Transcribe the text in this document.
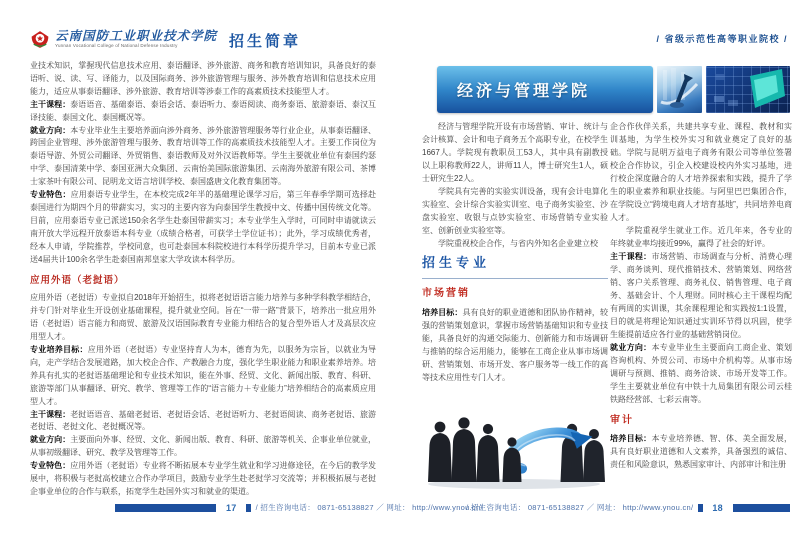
云南国防工业职业技术学院
Yunnan Vocational College of National Defense Industry	招生简章

业技术知识，掌握现代信息技术应用、泰语翻译、涉外旅游、商务和教育培训知识，具备良好的泰语听、说、读、写、译能力，以及国际商务、涉外旅游管理与服务、涉外教育培训和信息技术应用能力，适应从事泰语翻译、涉外旅游、教育培训等涉泰工作的高素质技术技能型人才。

主干课程：泰语语音、基础泰语、泰语会话、泰语听力、泰语阅读、商务泰语、旅游泰语、泰汉互译技能、泰国文化、泰国概况等。

就业方向：本专业毕业生主要培养面向涉外商务、涉外旅游管理服务等行业企业，从事泰语翻译、跨国企业管理、涉外旅游管理与服务、教育培训等工作的高素质技术技能型人才。主要工作岗位为泰语导游、外贸公司翻译、外贸销售、泰语教师及对外汉语教师等。学生主要就业单位有泰国约瑟中学、泰国清莱中学、泰国亚洲大众集团、云南怡美国际旅游集团、云南海外旅游有限公司、茶博士家茶叶有限公司、昆明龙文语言培训学校、泰国盛唐文化教育集团等。

专业特色：应用泰语专业学生，在本校完成2年半的基础理论课学习后，第三年春季学期可选择赴泰国进行为期四个月的带薪实习，实习的主要内容为向泰国学生教授中文、传播中国传统文化等。目前，应用泰语专业已派送150余名学生赴泰国带薪实习；本专业学生入学时，可同时申请就读云南开放大学远程开放泰语本科专业（成绩合格者，可获学士学位证书）；此外，学习成绩优秀者，经本人申请，学院推荐，学校同意，也可赴泰国本科院校进行本科学历提升学习，目前本专业已派送4届共计100余名学生赴泰国南邦皇家大学攻读本科学历。

应用外语（老挝语）

应用外语（老挝语）专业拟自2018年开始招生，拟将老挝语语言能力培养与多种学科教学相结合，并专门针对毕业生开设创业基础课程，提升就业空间。旨在“一带一路”背景下，培养出一批应用外语（老挝语）语言能力和商贸、旅游及汉语国际教育专业能力相结合的复合型外语人才及高层次应用型人才。

专业培养目标：应用外语（老挝语）专业坚持育人为本，德育为先，以服务为宗旨，以就业为导向，走产学结合发展道路，加大校企合作、产教融合力度，强化学生职业能力和职业素养培养。培养具有扎实的老挝语基础理论和专业技术知识，能在外事、经贸、文化、新闻出版、教育、科研、旅游等部门从事翻译、研究、教学、管理等工作的“语言能力＋专业能力”培养相结合的高素质应用型人才。

主干课程：老挝语语音、基础老挝语、老挝语会话、老挝语听力、老挝语阅读、商务老挝语、旅游老挝语、老挝文化、老挝概况等。

就业方向：主要面向外事、经贸、文化、新闻出版、教育、科研、旅游等机关、企事业单位就业，从事初级翻译、研究、教学及管理等工作。

专业特色：应用外语（老挝语）专业将不断拓展本专业学生就业和学习进修途径，在今后的教学发展中，将积极与老挝高校建立合作办学项目，鼓励专业学生赴老挝学习交流等；并积极拓展与老挝企事业单位的合作与联系，拓宽学生赴国外实习和就业的渠道。

17	/ 招生咨询电话： 0871-65138827 ／ 网址： http://www.ynou.cn/
/ 省级示范性高等职业院校 /
经济与管理学院

经济与管理学院开设有市场营销、审计、统计与会计核算、会计和电子商务五个高职专业，在校学生1667人。学院现有教职员工53人，其中具有副教授以上职称教师22人，讲师11人，博士研究生1人，硕士研究生22人。

学院具有完善的实验实训设备，现有会计电算化实验室、会计综合实验实训室、电子商务实验室、沙盘实验室、收银与点钞实验室、市场营销专业实验室、创新创业实验室等。

学院重视校企合作，与省内外知名企业建立校

招生专业
市场营销

培养目标：具有良好的职业道德和团队协作精神，较强的营销策划意识，掌握市场营销基础知识和专业技能，具备良好的沟通交际能力、创新能力和市场调研与推销的综合运用能力，能够在工商企业从事市场调研、营销策划、市场开发、客户服务等一线工作的高等技术应用性专门人才。

企合作伙伴关系，共建共享专业、课程、教材和实训基地，为学生校外实习和就业奠定了良好的基础。学院与昆明万益电子商务有限公司等单位签署校企合作协议，引企入校建设校内外实习基地，进行校企深度融合的人才培养探索和实践，提升了学生的职业素养和职业技能。与阿里巴巴集团合作，在学院设立“跨境电商人才培育基地”，共同培养电商人才。

学院重视学生就业工作。近几年来，各专业的年终就业率均接近99%，赢得了社会的好评。

主干课程：市场营销、市场调查与分析、消费心理学、商务谈判、现代推销技术、营销策划、网络营销、客户关系管理、商务礼仪、销售管理、电子商务、基础会计、个人理财。同时核心主干课程均配有两周的实训课，其余课程理论和实践按1:1设置，目的就是将理论知识通过实训环节得以巩固，使学生能提前适应各行业的基础营销岗位。

就业方向：本专业毕业生主要面向工商企业、策划咨询机构、外贸公司、市场中介机构等。从事市场调研与预测、推销、商务洽谈、市场开发等工作。学生主要就业单位有中铁十九局集团有限公司云桂铁路经营部、七彩云南等。

审计

培养目标：本专业培养德、智、体、美全面发展，具有良好职业道德和人文素养，具备强烈的诚信、责任和风险意识，熟悉国家审计、内部审计和注册

/ 招生咨询电话： 0871-65138827 ／ 网址： http://www.ynou.cn/ 18
